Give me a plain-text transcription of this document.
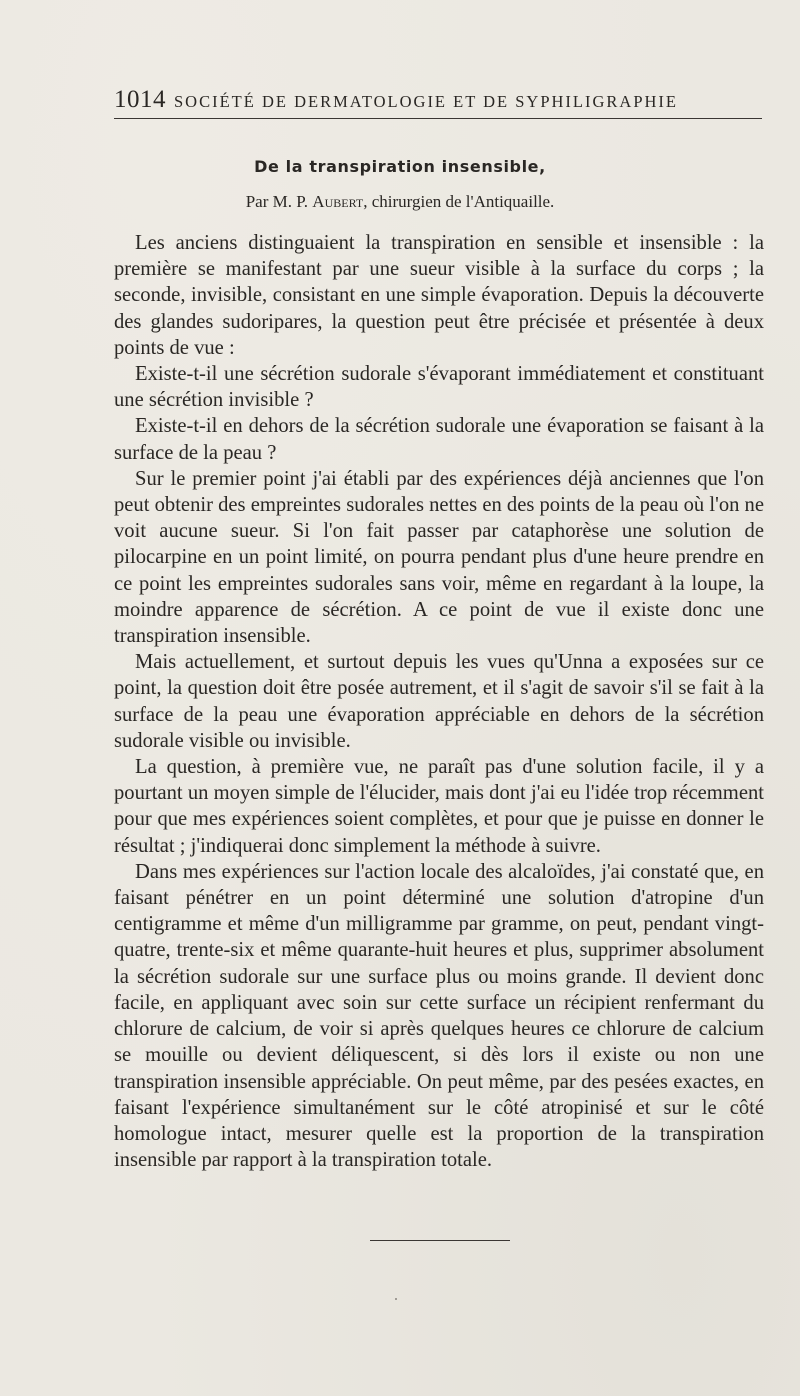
1014 SOCIÉTÉ DE DERMATOLOGIE ET DE SYPHILIGRAPHIE
De la transpiration insensible,
Par M. P. Aubert, chirurgien de l'Antiquaille.

Les anciens distinguaient la transpiration en sensible et insensible : la première se manifestant par une sueur visible à la surface du corps ; la seconde, invisible, consistant en une simple évaporation. Depuis la découverte des glandes sudoripares, la question peut être précisée et présentée à deux points de vue :

Existe-t-il une sécrétion sudorale s'évaporant immédiatement et constituant une sécrétion invisible ?

Existe-t-il en dehors de la sécrétion sudorale une évaporation se faisant à la surface de la peau ?

Sur le premier point j'ai établi par des expériences déjà anciennes que l'on peut obtenir des empreintes sudorales nettes en des points de la peau où l'on ne voit aucune sueur. Si l'on fait passer par cataphorèse une solution de pilocarpine en un point limité, on pourra pendant plus d'une heure prendre en ce point les empreintes sudorales sans voir, même en regardant à la loupe, la moindre apparence de sécrétion. A ce point de vue il existe donc une transpiration insensible.

Mais actuellement, et surtout depuis les vues qu'Unna a exposées sur ce point, la question doit être posée autrement, et il s'agit de savoir s'il se fait à la surface de la peau une évaporation appréciable en dehors de la sécrétion sudorale visible ou invisible.

La question, à première vue, ne paraît pas d'une solution facile, il y a pourtant un moyen simple de l'élucider, mais dont j'ai eu l'idée trop récemment pour que mes expériences soient complètes, et pour que je puisse en donner le résultat ; j'indiquerai donc simplement la méthode à suivre.

Dans mes expériences sur l'action locale des alcaloïdes, j'ai constaté que, en faisant pénétrer en un point déterminé une solution d'atropine d'un centigramme et même d'un milligramme par gramme, on peut, pendant vingt-quatre, trente-six et même quarante-huit heures et plus, supprimer absolument la sécrétion sudorale sur une surface plus ou moins grande. Il devient donc facile, en appliquant avec soin sur cette surface un récipient renfermant du chlorure de calcium, de voir si après quelques heures ce chlorure de calcium se mouille ou devient déliquescent, si dès lors il existe ou non une transpiration insensible appréciable. On peut même, par des pesées exactes, en faisant l'expérience simultanément sur le côté atropinisé et sur le côté homologue intact, mesurer quelle est la proportion de la transpiration insensible par rapport à la transpiration totale.
